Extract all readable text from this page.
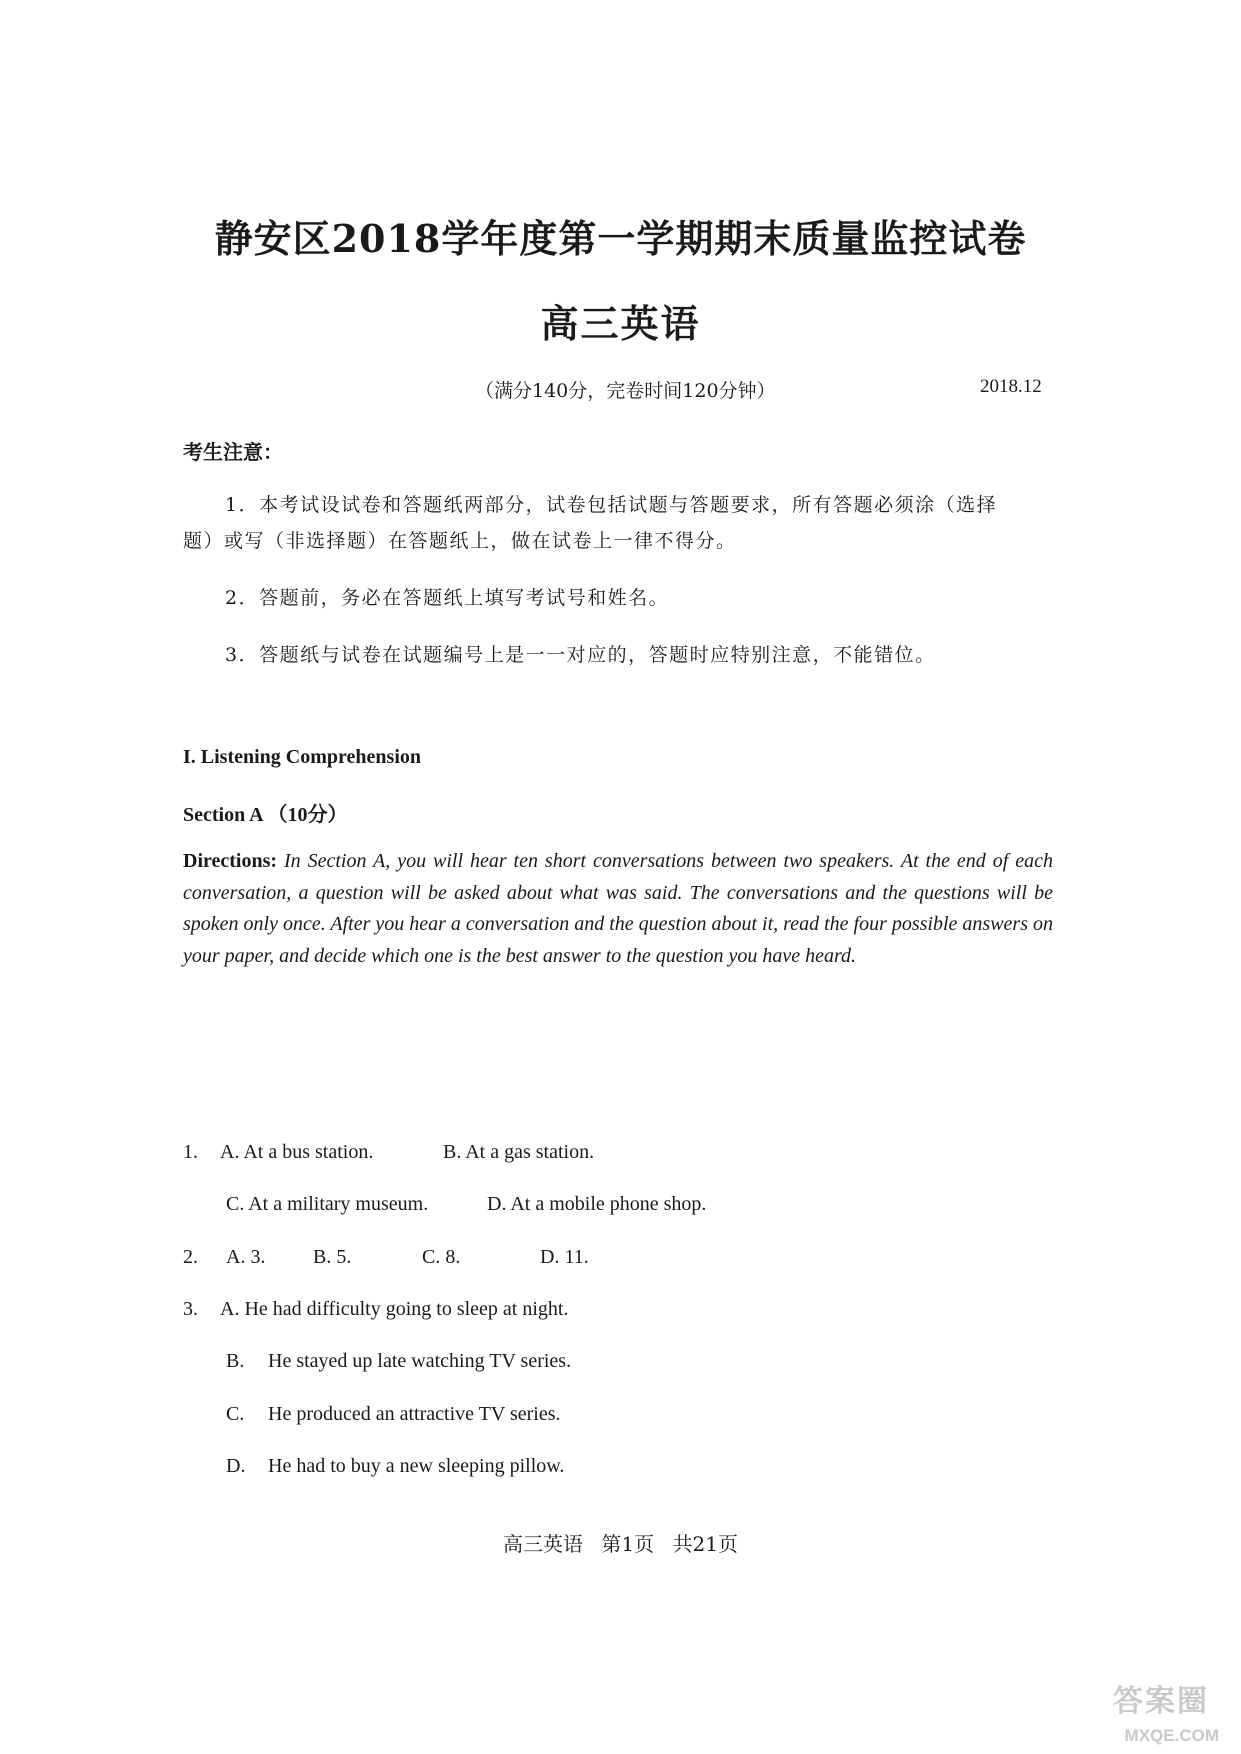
静安区2018学年度第一学期期末质量监控试卷
高三英语
（满分140分，完卷时间120分钟）	2018.12
考生注意：
1．本考试设试卷和答题纸两部分，试卷包括试题与答题要求，所有答题必须涂（选择
题）或写（非选择题）在答题纸上，做在试卷上一律不得分。
2．答题前，务必在答题纸上填写考试号和姓名。
3．答题纸与试卷在试题编号上是一一对应的，答题时应特别注意，不能错位。
I. Listening Comprehension
Section A （10分）
Directions: In Section A, you will hear ten short conversations between two speakers. At the end of each conversation, a question will be asked about what was said. The conversations and the questions will be spoken only once. After you hear a conversation and the question about it, read the four possible answers on your paper, and decide which one is the best answer to the question you have heard.
1. A. At a bus station.	B. At a gas station.
C. At a military museum.	D. At a mobile phone shop.
2. A. 3. B. 5.	C. 8.	D. 11.
3. A. He had difficulty going to sleep at night.
B. He stayed up late watching TV series.
C. He produced an attractive TV series.
D. He had to buy a new sleeping pillow.
高三英语 第1页 共21页
答案圈
MXQE.COM
